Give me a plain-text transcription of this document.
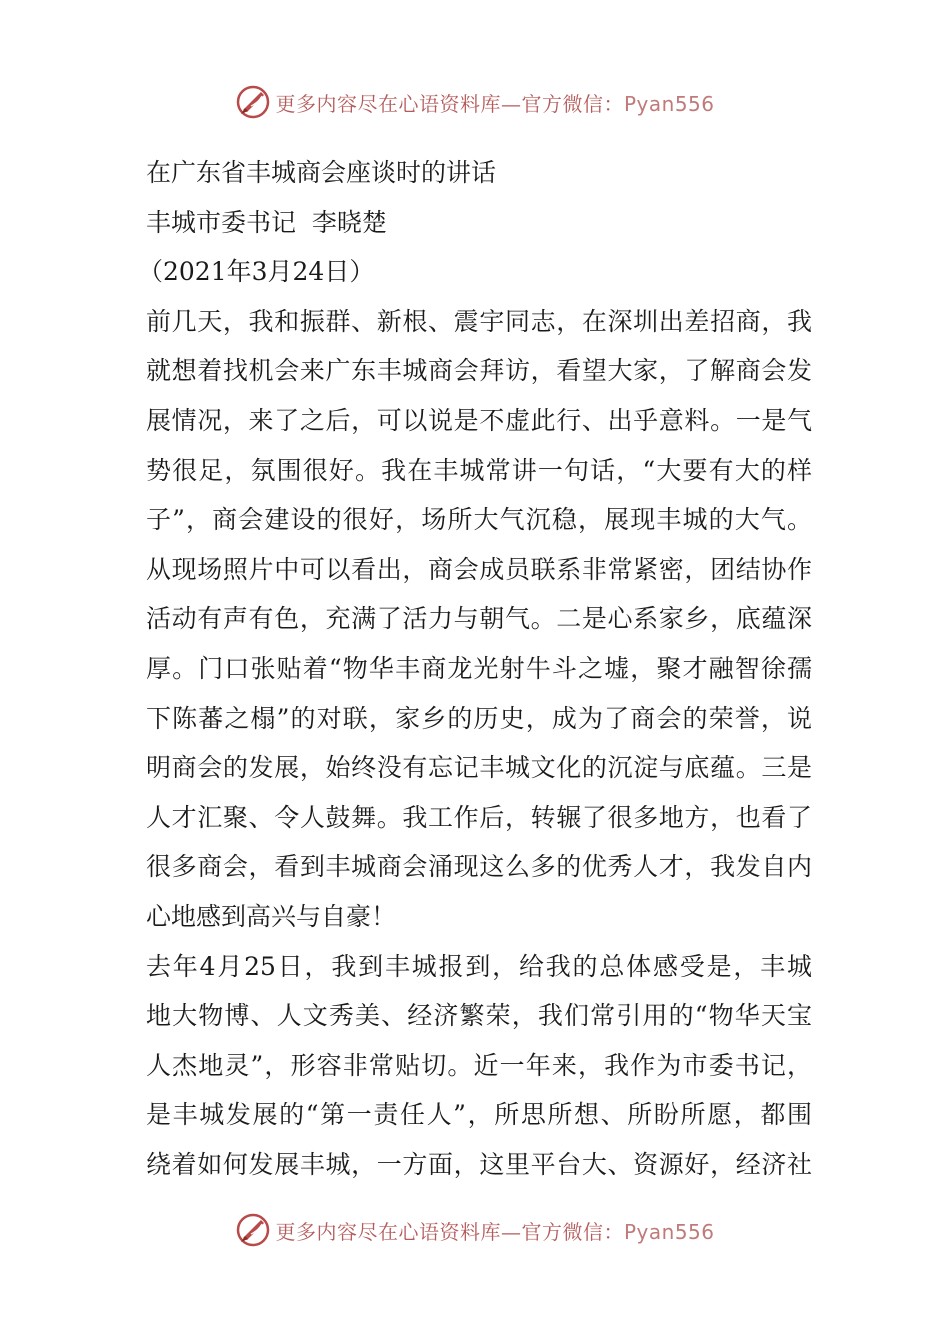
更多内容尽在心语资料库—官方微信：Pyan556
在广东省丰城商会座谈时的讲话
丰城市委书记  李晓楚
（2021年3月24日）
前几天，我和振群、新根、震宇同志，在深圳出差招商，我
就想着找机会来广东丰城商会拜访，看望大家，了解商会发
展情况，来了之后，可以说是不虚此行、出乎意料。一是气
势很足，氛围很好。我在丰城常讲一句话，“大要有大的样
子”，商会建设的很好，场所大气沉稳，展现丰城的大气。
从现场照片中可以看出，商会成员联系非常紧密，团结协作
活动有声有色，充满了活力与朝气。二是心系家乡，底蕴深
厚。门口张贴着“物华丰商龙光射牛斗之墟，聚才融智徐孺
下陈蕃之榻”的对联，家乡的历史，成为了商会的荣誉，说
明商会的发展，始终没有忘记丰城文化的沉淀与底蕴。三是
人才汇聚、令人鼓舞。我工作后，转辗了很多地方，也看了
很多商会，看到丰城商会涌现这么多的优秀人才，我发自内
心地感到高兴与自豪！
去年4月25日，我到丰城报到，给我的总体感受是，丰城
地大物博、人文秀美、经济繁荣，我们常引用的“物华天宝
人杰地灵”，形容非常贴切。近一年来，我作为市委书记，
是丰城发展的“第一责任人”，所思所想、所盼所愿，都围
绕着如何发展丰城，一方面，这里平台大、资源好，经济社
更多内容尽在心语资料库—官方微信：Pyan556
